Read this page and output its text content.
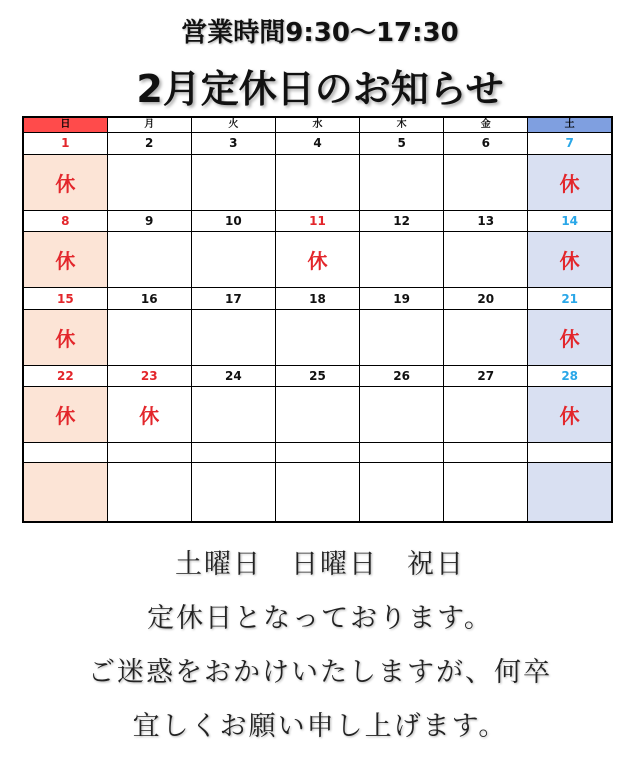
営業時間9:30～17:30
2月定休日のお知らせ
日	月	火	水	木	金	土
1	2	3	4	5	6	7
休						休
8	9	10	11	12	13	14
休			休			休
15	16	17	18	19	20	21
休						休
22	23	24	25	26	27	28
休	休					休

土曜日　日曜日　祝日
定休日となっております。
ご迷惑をおかけいたしますが、何卒
宜しくお願い申し上げます。
